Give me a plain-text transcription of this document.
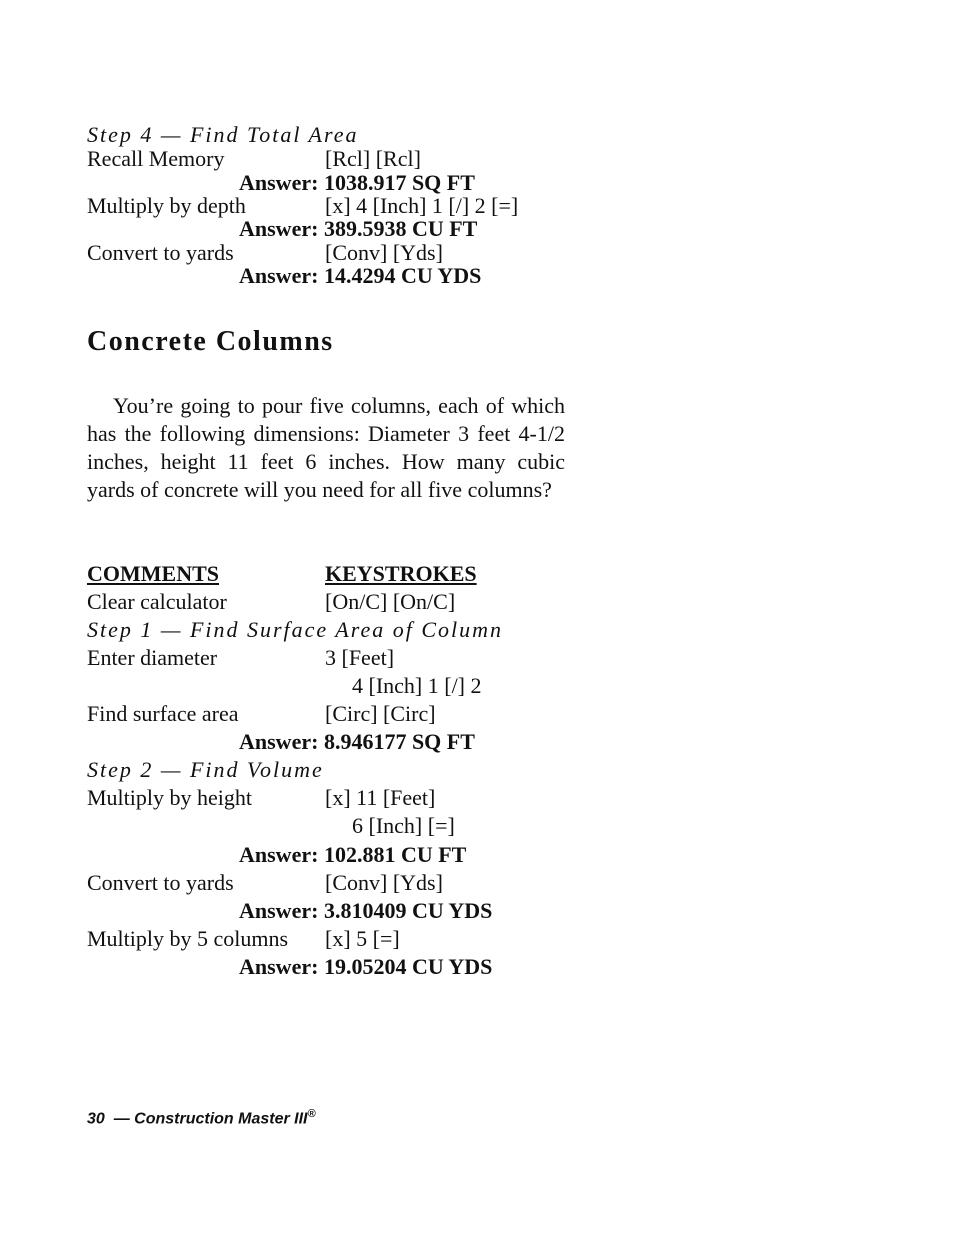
Step 4 — Find Total Area
Recall Memory	[Rcl] [Rcl]
Answer: 1038.917 SQ FT
Multiply by depth	[x] 4 [Inch] 1 [/] 2 [=]
Answer: 389.5938 CU FT
Convert to yards	[Conv] [Yds]
Answer: 14.4294 CU YDS
Concrete Columns
You’re going to pour five columns, each of which has the following dimensions: Diameter 3 feet 4-1/2 inches, height 11 feet 6 inches. How many cubic yards of concrete will you need for all five columns?
COMMENTS	KEYSTROKES
Clear calculator	[On/C] [On/C]
Step 1 — Find Surface Area of Column
Enter diameter	3 [Feet]
4 [Inch] 1 [/] 2
Find surface area	[Circ] [Circ]
Answer: 8.946177 SQ FT
Step 2 — Find Volume
Multiply by height	[x] 11 [Feet]
6 [Inch] [=]
Answer: 102.881 CU FT
Convert to yards	[Conv] [Yds]
Answer: 3.810409 CU YDS
Multiply by 5 columns [x] 5 [=]
Answer: 19.05204 CU YDS
30 — Construction Master III®
